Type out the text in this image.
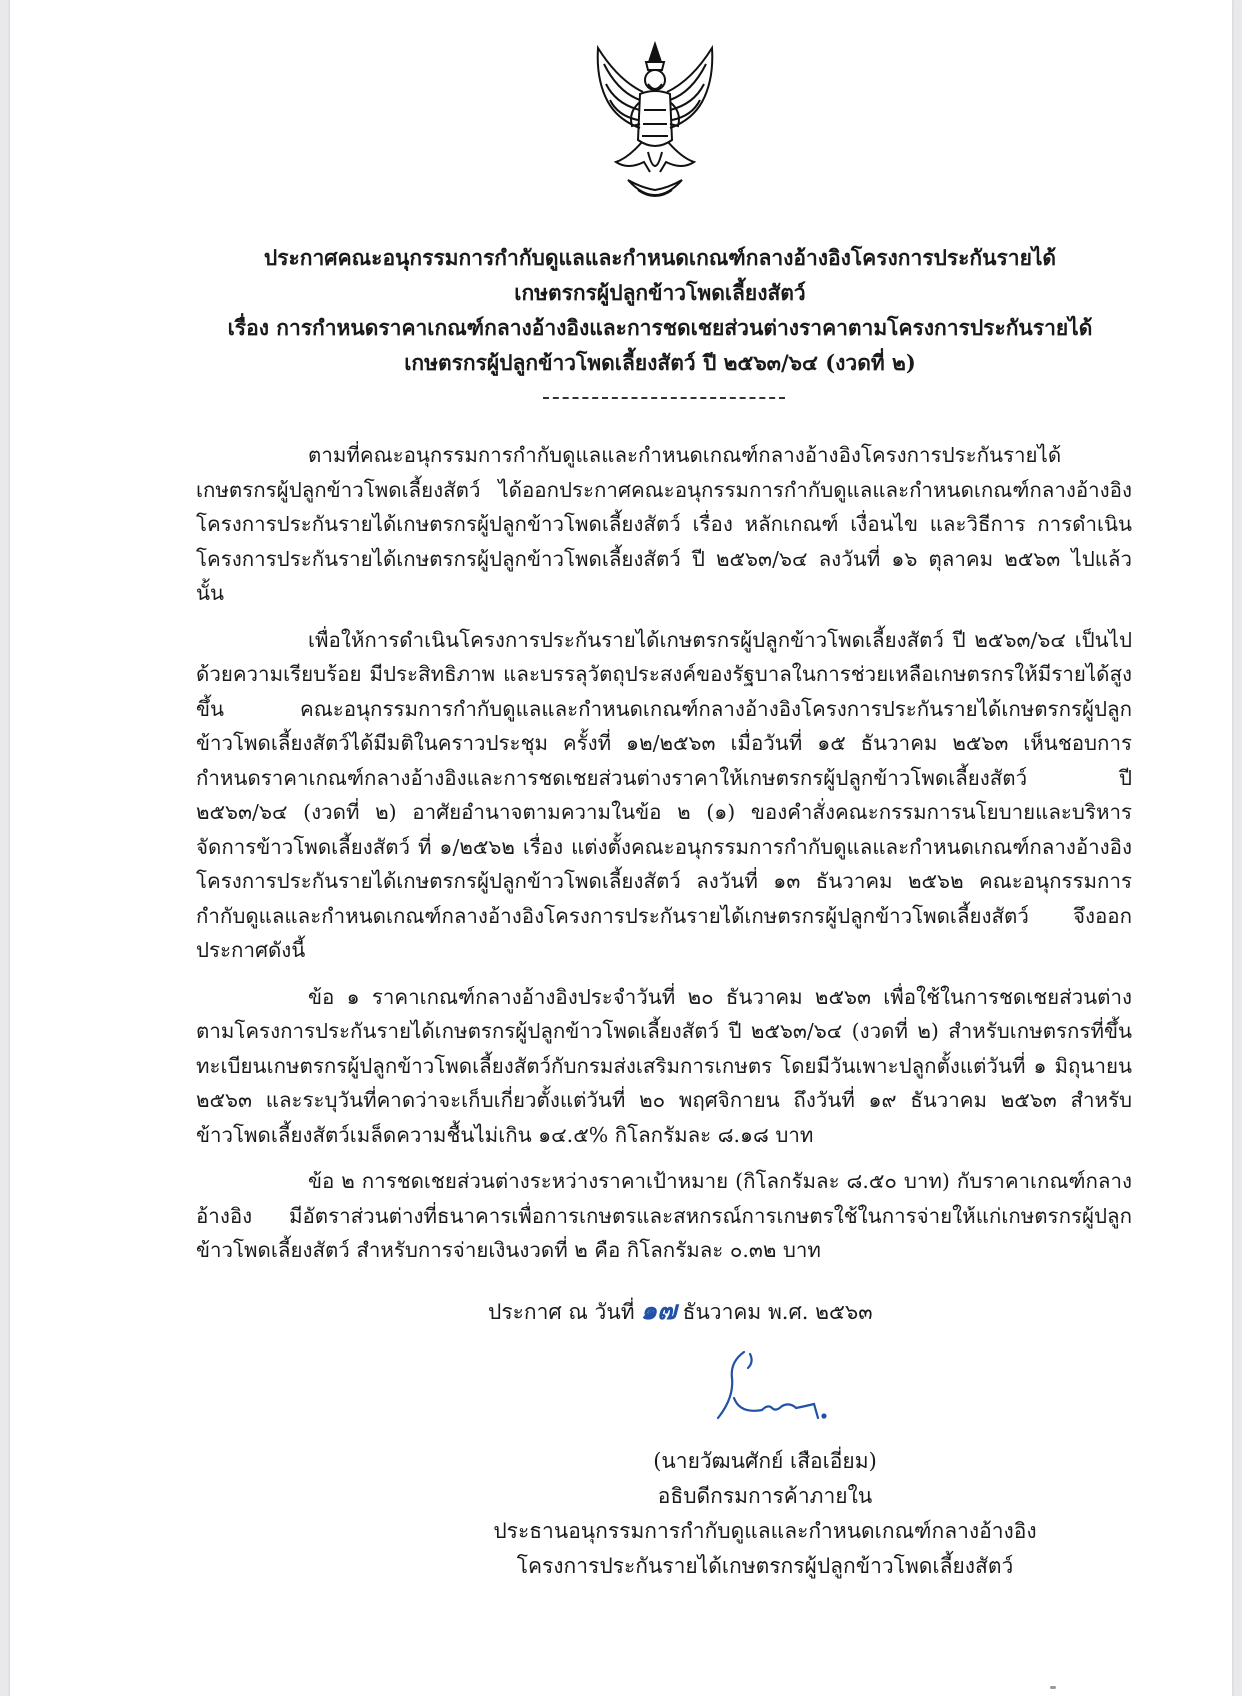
ประกาศคณะอนุกรรมการกำกับดูแลและกำหนดเกณฑ์กลางอ้างอิงโครงการประกันรายได้
เกษตรกรผู้ปลูกข้าวโพดเลี้ยงสัตว์
เรื่อง การกำหนดราคาเกณฑ์กลางอ้างอิงและการชดเชยส่วนต่างราคาตามโครงการประกันรายได้
เกษตรกรผู้ปลูกข้าวโพดเลี้ยงสัตว์ ปี ๒๕๖๓/๖๔ (งวดที่ ๒)

ตามที่คณะอนุกรรมการกำกับดูแลและกำหนดเกณฑ์กลางอ้างอิงโครงการประกันรายได้เกษตรกรผู้ปลูกข้าวโพดเลี้ยงสัตว์ ได้ออกประกาศคณะอนุกรรมการกำกับดูแลและกำหนดเกณฑ์กลางอ้างอิงโครงการประกันรายได้เกษตรกรผู้ปลูกข้าวโพดเลี้ยงสัตว์ เรื่อง หลักเกณฑ์ เงื่อนไข และวิธีการ การดำเนินโครงการประกันรายได้เกษตรกรผู้ปลูกข้าวโพดเลี้ยงสัตว์ ปี ๒๕๖๓/๖๔ ลงวันที่ ๑๖ ตุลาคม ๒๕๖๓ ไปแล้ว นั้น

เพื่อให้การดำเนินโครงการประกันรายได้เกษตรกรผู้ปลูกข้าวโพดเลี้ยงสัตว์ ปี ๒๕๖๓/๖๔ เป็นไปด้วยความเรียบร้อย มีประสิทธิภาพ และบรรลุวัตถุประสงค์ของรัฐบาลในการช่วยเหลือเกษตรกรให้มีรายได้สูงขึ้น คณะอนุกรรมการกำกับดูแลและกำหนดเกณฑ์กลางอ้างอิงโครงการประกันรายได้เกษตรกรผู้ปลูกข้าวโพดเลี้ยงสัตว์ได้มีมติในคราวประชุม ครั้งที่ ๑๒/๒๕๖๓ เมื่อวันที่ ๑๕ ธันวาคม ๒๕๖๓ เห็นชอบการกำหนดราคาเกณฑ์กลางอ้างอิงและการชดเชยส่วนต่างราคาให้เกษตรกรผู้ปลูกข้าวโพดเลี้ยงสัตว์ ปี ๒๕๖๓/๖๔ (งวดที่ ๒) อาศัยอำนาจตามความในข้อ ๒ (๑) ของคำสั่งคณะกรรมการนโยบายและบริหารจัดการข้าวโพดเลี้ยงสัตว์ ที่ ๑/๒๕๖๒ เรื่อง แต่งตั้งคณะอนุกรรมการกำกับดูแลและกำหนดเกณฑ์กลางอ้างอิงโครงการประกันรายได้เกษตรกรผู้ปลูกข้าวโพดเลี้ยงสัตว์ ลงวันที่ ๑๓ ธันวาคม ๒๕๖๒ คณะอนุกรรมการกำกับดูแลและกำหนดเกณฑ์กลางอ้างอิงโครงการประกันรายได้เกษตรกรผู้ปลูกข้าวโพดเลี้ยงสัตว์ จึงออกประกาศดังนี้

ข้อ ๑ ราคาเกณฑ์กลางอ้างอิงประจำวันที่ ๒๐ ธันวาคม ๒๕๖๓ เพื่อใช้ในการชดเชยส่วนต่างตามโครงการประกันรายได้เกษตรกรผู้ปลูกข้าวโพดเลี้ยงสัตว์ ปี ๒๕๖๓/๖๔ (งวดที่ ๒) สำหรับเกษตรกรที่ขึ้นทะเบียนเกษตรกรผู้ปลูกข้าวโพดเลี้ยงสัตว์กับกรมส่งเสริมการเกษตร โดยมีวันเพาะปลูกตั้งแต่วันที่ ๑ มิถุนายน ๒๕๖๓ และระบุวันที่คาดว่าจะเก็บเกี่ยวตั้งแต่วันที่ ๒๐ พฤศจิกายน ถึงวันที่ ๑๙ ธันวาคม ๒๕๖๓ สำหรับข้าวโพดเลี้ยงสัตว์เมล็ดความชื้นไม่เกิน ๑๔.๕% กิโลกรัมละ ๘.๑๘ บาท

ข้อ ๒ การชดเชยส่วนต่างระหว่างราคาเป้าหมาย (กิโลกรัมละ ๘.๕๐ บาท) กับราคาเกณฑ์กลางอ้างอิง มีอัตราส่วนต่างที่ธนาคารเพื่อการเกษตรและสหกรณ์การเกษตรใช้ในการจ่ายให้แก่เกษตรกรผู้ปลูกข้าวโพดเลี้ยงสัตว์ สำหรับการจ่ายเงินงวดที่ ๒ คือ กิโลกรัมละ ๐.๓๒ บาท

ประกาศ ณ วันที่ ๑๗ ธันวาคม พ.ศ. ๒๕๖๓
(นายวัฒนศักย์ เสือเอี่ยม)
อธิบดีกรมการค้าภายใน
ประธานอนุกรรมการกำกับดูแลและกำหนดเกณฑ์กลางอ้างอิง
โครงการประกันรายได้เกษตรกรผู้ปลูกข้าวโพดเลี้ยงสัตว์
